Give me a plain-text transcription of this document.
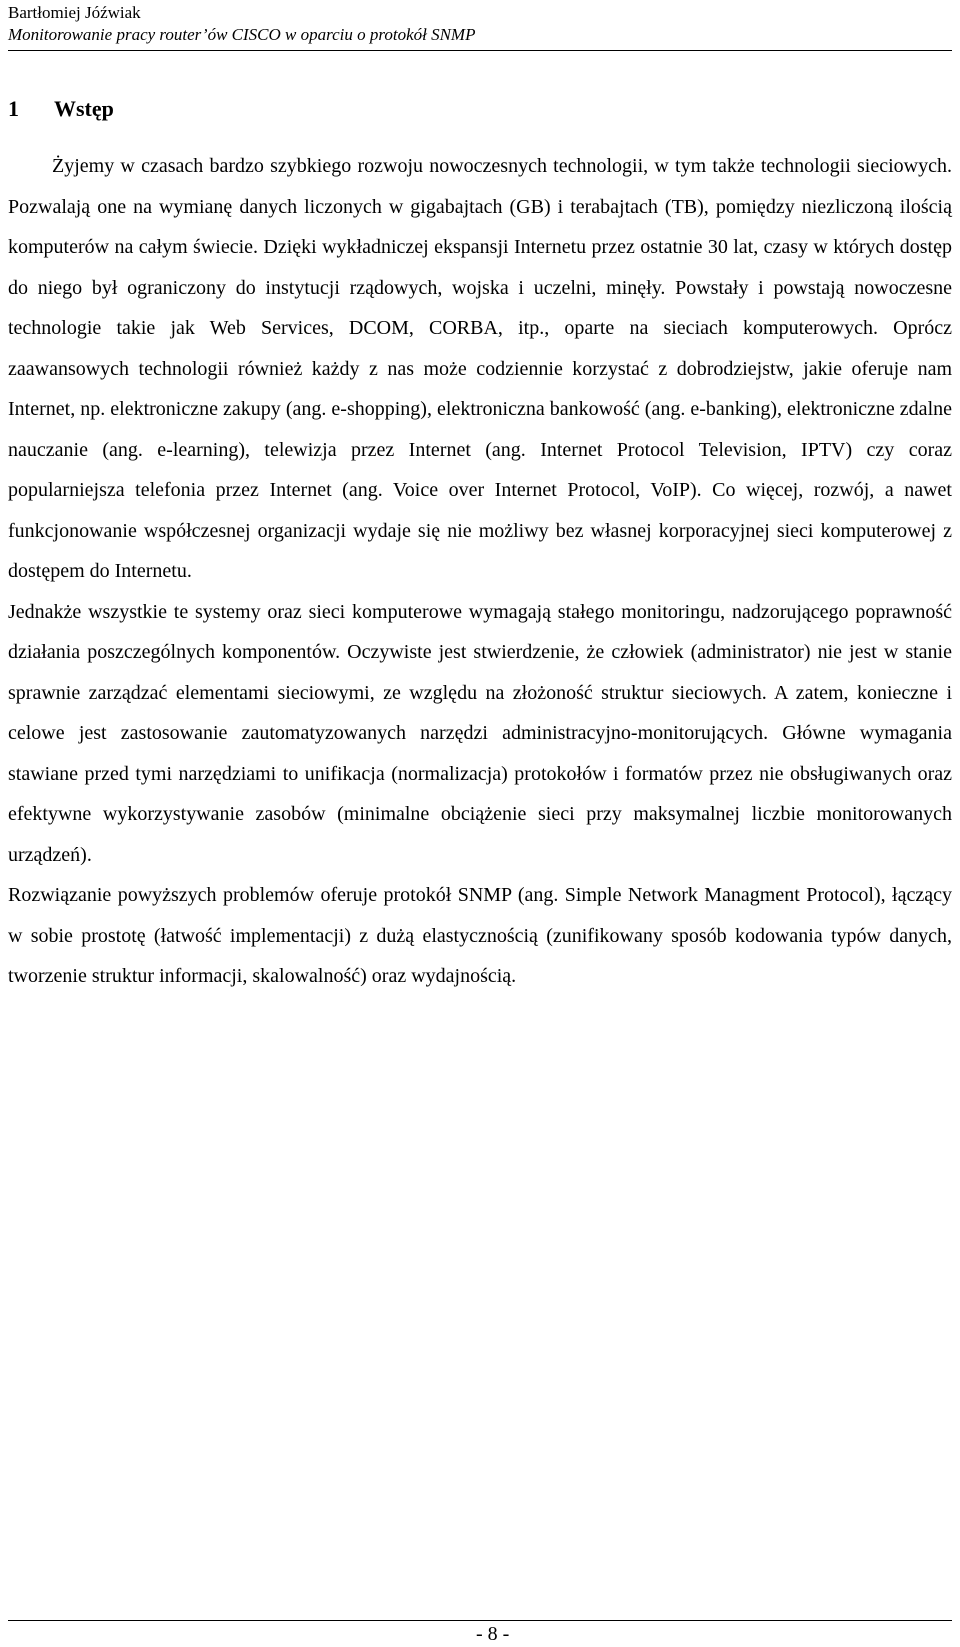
Bartłomiej Jóźwiak
Monitorowanie pracy router’ów CISCO w oparciu o protokół SNMP
1	Wstęp

Żyjemy w czasach bardzo szybkiego rozwoju nowoczesnych technologii, w tym także technologii sieciowych. Pozwalają one na wymianę danych liczonych w gigabajtach (GB) i terabajtach (TB), pomiędzy niezliczoną ilością komputerów na całym świecie. Dzięki wykładniczej ekspansji Internetu przez ostatnie 30 lat, czasy w których dostęp do niego był ograniczony do instytucji rządowych, wojska i uczelni, minęły. Powstały i powstają nowoczesne technologie takie jak Web Services, DCOM, CORBA, itp., oparte na sieciach komputerowych. Oprócz zaawansowych technologii również każdy z nas może codziennie korzystać z dobrodziejstw, jakie oferuje nam Internet, np. elektroniczne zakupy (ang. e-shopping), elektroniczna bankowość (ang. e-banking), elektroniczne zdalne nauczanie (ang. e-learning), telewizja przez Internet (ang. Internet Protocol Television, IPTV) czy coraz popularniejsza telefonia przez Internet (ang. Voice over Internet Protocol, VoIP). Co więcej, rozwój, a nawet funkcjonowanie współczesnej organizacji wydaje się nie możliwy bez własnej korporacyjnej sieci komputerowej z dostępem do Internetu.

Jednakże wszystkie te systemy oraz sieci komputerowe wymagają stałego monitoringu, nadzorującego poprawność działania poszczególnych komponentów. Oczywiste jest stwierdzenie, że człowiek (administrator) nie jest w stanie sprawnie zarządzać elementami sieciowymi, ze względu na złożoność struktur sieciowych. A zatem, konieczne i celowe jest zastosowanie zautomatyzowanych narzędzi administracyjno-monitorujących. Główne wymagania stawiane przed tymi narzędziami to unifikacja (normalizacja) protokołów i formatów przez nie obsługiwanych oraz efektywne wykorzystywanie zasobów (minimalne obciążenie sieci przy maksymalnej liczbie monitorowanych urządzeń).

Rozwiązanie powyższych problemów oferuje protokół SNMP (ang. Simple Network Managment Protocol), łączący w sobie prostotę (łatwość implementacji) z dużą elastycznością (zunifikowany sposób kodowania typów danych, tworzenie struktur informacji, skalowalność) oraz wydajnością.

- 8 -
